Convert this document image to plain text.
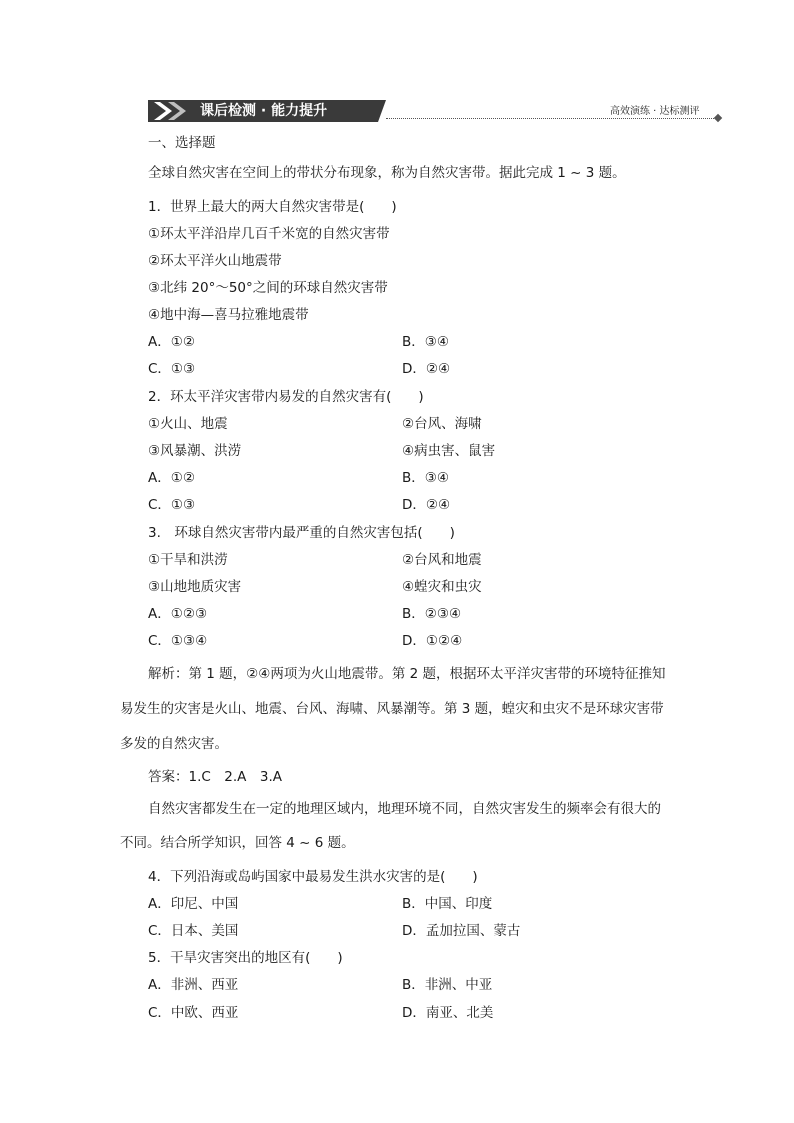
课后检测 · 能力提升	高效演练 · 达标测评
一、选择题
全球自然灾害在空间上的带状分布现象，称为自然灾害带。据此完成 1 ~ 3 题。
1．世界上最大的两大自然灾害带是(　　)
①环太平洋沿岸几百千米宽的自然灾害带
②环太平洋火山地震带
③北纬 20°～50°之间的环球自然灾害带
④地中海—喜马拉雅地震带
A．①②	B．③④
C．①③	D．②④
2．环太平洋灾害带内易发的自然灾害有(　　)
①火山、地震	②台风、海啸
③风暴潮、洪涝	④病虫害、鼠害
A．①②	B．③④
C．①③	D．②④
3.　环球自然灾害带内最严重的自然灾害包括(　　)
①干旱和洪涝	②台风和地震
③山地地质灾害	④蝗灾和虫灾
A．①②③	B．②③④
C．①③④	D．①②④
解析：第 1 题，②④两项为火山地震带。第 2 题，根据环太平洋灾害带的环境特征推知
易发生的灾害是火山、地震、台风、海啸、风暴潮等。第 3 题，蝗灾和虫灾不是环球灾害带
多发的自然灾害。
答案：1.C　2.A　3.A
自然灾害都发生在一定的地理区域内，地理环境不同，自然灾害发生的频率会有很大的
不同。结合所学知识，回答 4 ~ 6 题。
4．下列沿海或岛屿国家中最易发生洪水灾害的是(　　)
A．印尼、中国	B．中国、印度
C．日本、美国	D．孟加拉国、蒙古
5．干旱灾害突出的地区有(　　)
A．非洲、西亚	B．非洲、中亚
C．中欧、西亚	D．南亚、北美
